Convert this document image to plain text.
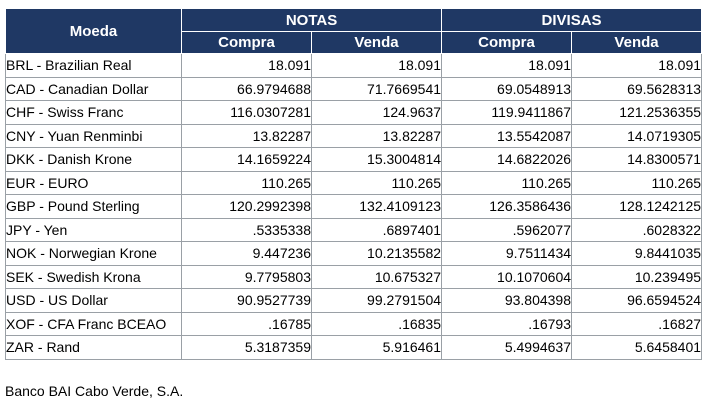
Moeda	NOTAS		DIVISAS	
	Compra	Venda	Compra	Venda
BRL - Brazilian Real	18.091	18.091	18.091	18.091
CAD - Canadian Dollar	66.9794688	71.7669541	69.0548913	69.5628313
CHF - Swiss Franc	116.0307281	124.9637	119.9411867	121.2536355
CNY - Yuan Renminbi	13.82287	13.82287	13.5542087	14.0719305
DKK - Danish Krone	14.1659224	15.3004814	14.6822026	14.8300571
EUR - EURO	110.265	110.265	110.265	110.265
GBP - Pound Sterling	120.2992398	132.4109123	126.3586436	128.1242125
JPY - Yen	.5335338	.6897401	.5962077	.6028322
NOK - Norwegian Krone	9.447236	10.2135582	9.7511434	9.8441035
SEK - Swedish Krona	9.7795803	10.675327	10.1070604	10.239495
USD - US Dollar	90.9527739	99.2791504	93.804398	96.6594524
XOF - CFA Franc BCEAO	.16785	.16835	.16793	.16827
ZAR - Rand	5.3187359	5.916461	5.4994637	5.6458401
Banco BAI Cabo Verde, S.A.
